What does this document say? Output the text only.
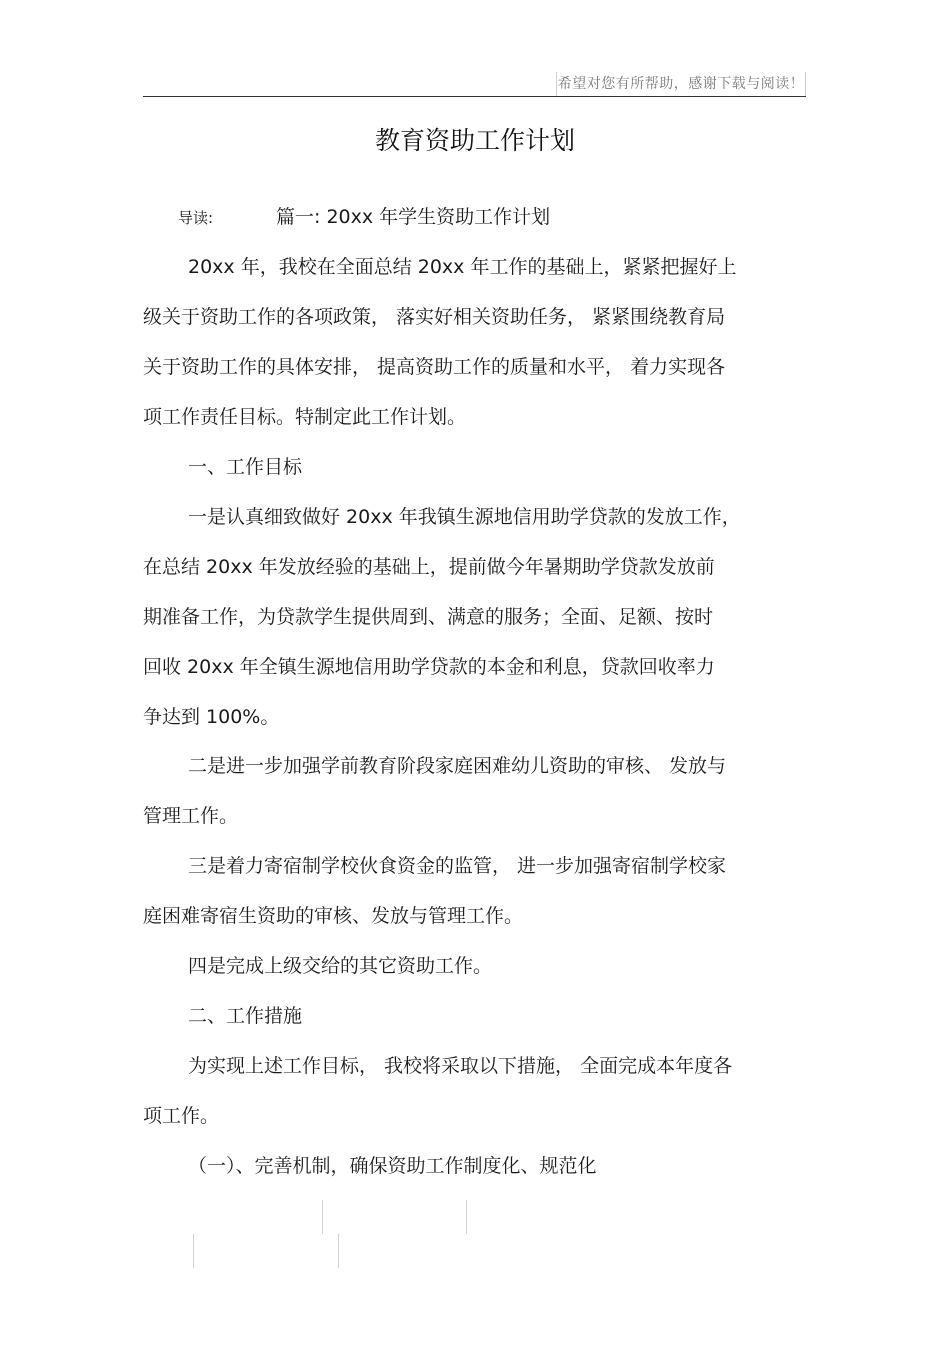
希望对您有所帮助，感谢下载与阅读！
教育资助工作计划
导读:	篇一: 20xx 年学生资助工作计划
20xx 年，我校在全面总结 20xx 年工作的基础上，紧紧把握好上
级关于资助工作的各项政策， 落实好相关资助任务， 紧紧围绕教育局
关于资助工作的具体安排， 提高资助工作的质量和水平， 着力实现各
项工作责任目标。特制定此工作计划。
一、工作目标
一是认真细致做好 20xx 年我镇生源地信用助学贷款的发放工作，
在总结 20xx 年发放经验的基础上，提前做今年暑期助学贷款发放前
期准备工作，为贷款学生提供周到、满意的服务；全面、足额、按时
回收 20xx 年全镇生源地信用助学贷款的本金和利息，贷款回收率力
争达到 100%。
二是进一步加强学前教育阶段家庭困难幼儿资助的审核、 发放与
管理工作。
三是着力寄宿制学校伙食资金的监管， 进一步加强寄宿制学校家
庭困难寄宿生资助的审核、发放与管理工作。
四是完成上级交给的其它资助工作。
二、工作措施
为实现上述工作目标， 我校将采取以下措施， 全面完成本年度各
项工作。
（一）、完善机制，确保资助工作制度化、规范化
